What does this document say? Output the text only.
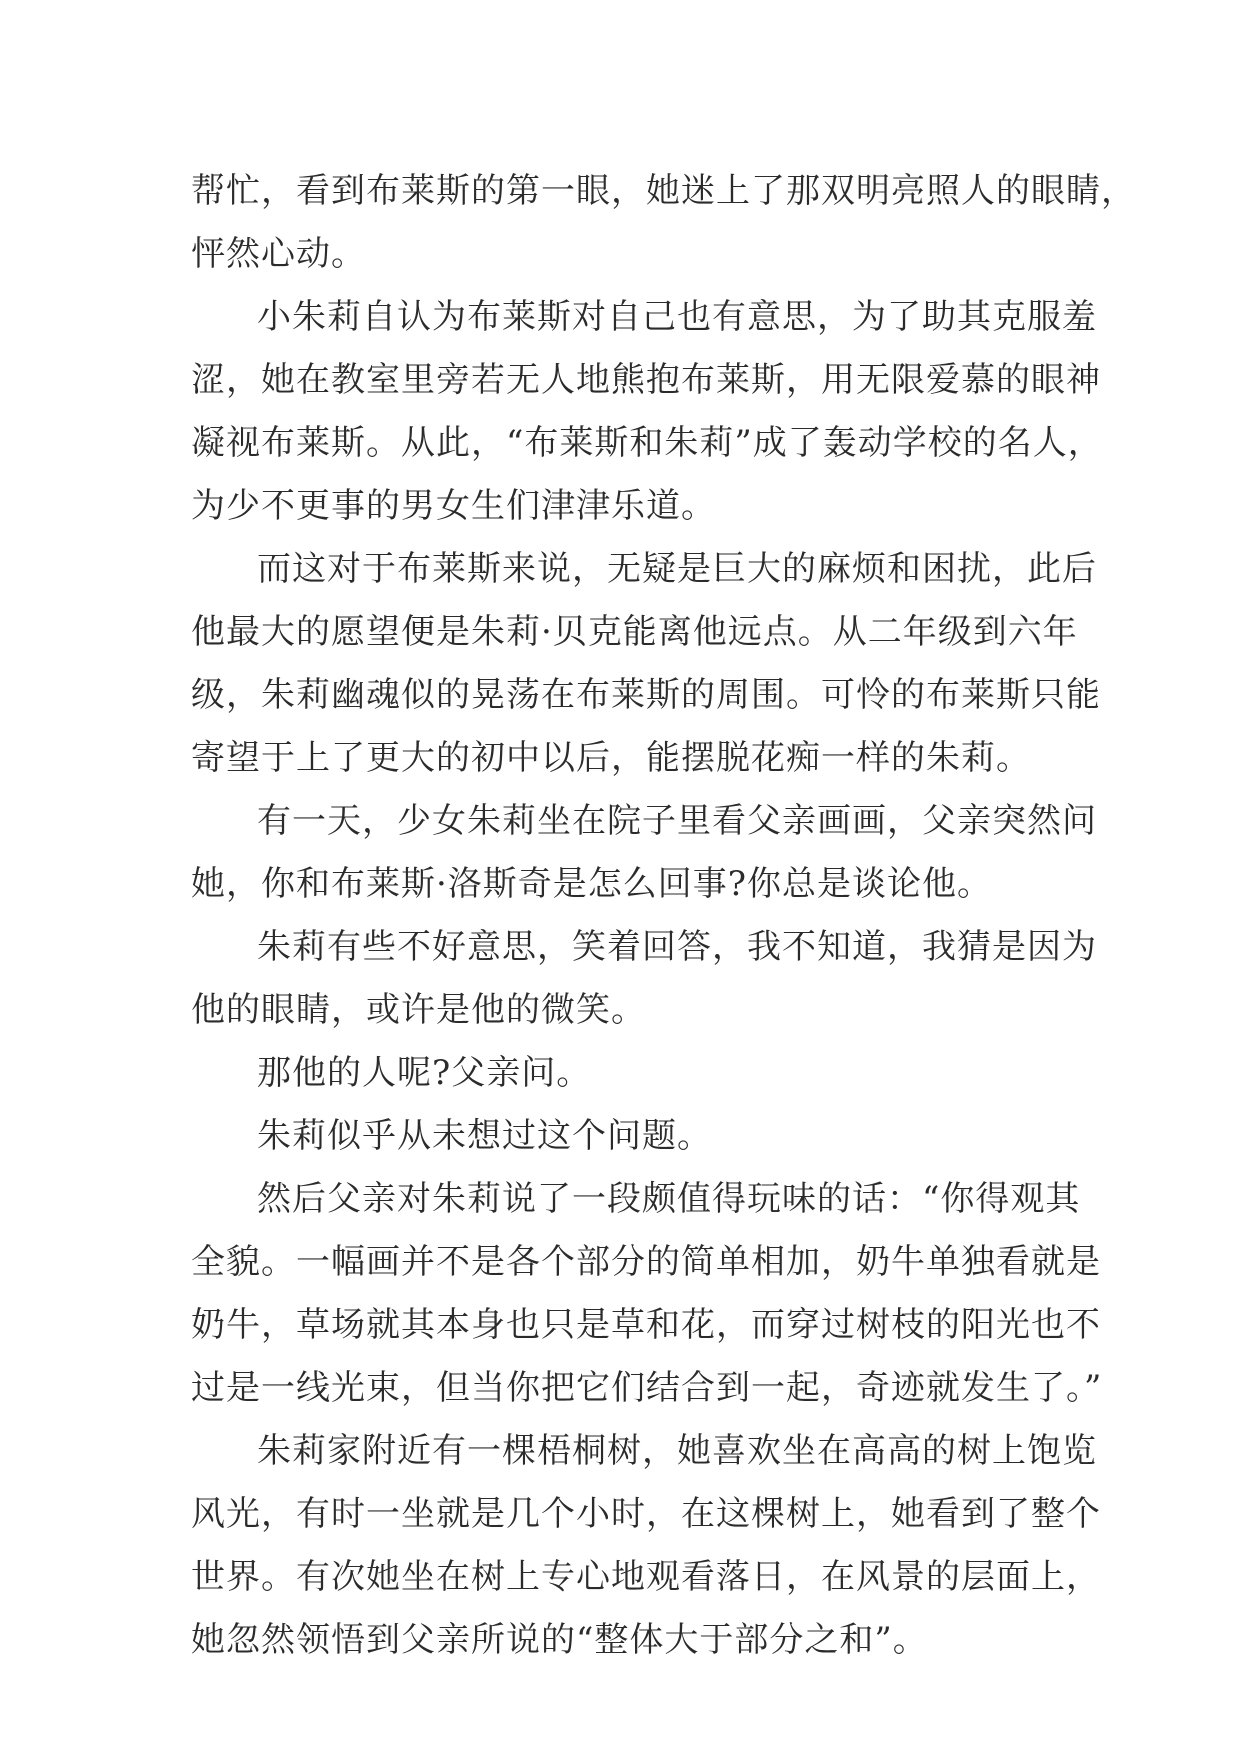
帮忙，看到布莱斯的第一眼，她迷上了那双明亮照人的眼睛，
怦然心动。
小朱莉自认为布莱斯对自己也有意思，为了助其克服羞
涩，她在教室里旁若无人地熊抱布莱斯，用无限爱慕的眼神
凝视布莱斯。从此，“布莱斯和朱莉”成了轰动学校的名人，
为少不更事的男女生们津津乐道。
而这对于布莱斯来说，无疑是巨大的麻烦和困扰，此后
他最大的愿望便是朱莉·贝克能离他远点。从二年级到六年
级，朱莉幽魂似的晃荡在布莱斯的周围。可怜的布莱斯只能
寄望于上了更大的初中以后，能摆脱花痴一样的朱莉。
有一天，少女朱莉坐在院子里看父亲画画，父亲突然问
她，你和布莱斯·洛斯奇是怎么回事?你总是谈论他。
朱莉有些不好意思，笑着回答，我不知道，我猜是因为
他的眼睛，或许是他的微笑。
那他的人呢?父亲问。
朱莉似乎从未想过这个问题。
然后父亲对朱莉说了一段颇值得玩味的话：“你得观其
全貌。一幅画并不是各个部分的简单相加，奶牛单独看就是
奶牛，草场就其本身也只是草和花，而穿过树枝的阳光也不
过是一线光束，但当你把它们结合到一起，奇迹就发生了。”
朱莉家附近有一棵梧桐树，她喜欢坐在高高的树上饱览
风光，有时一坐就是几个小时，在这棵树上，她看到了整个
世界。有次她坐在树上专心地观看落日，在风景的层面上，
她忽然领悟到父亲所说的“整体大于部分之和”。
